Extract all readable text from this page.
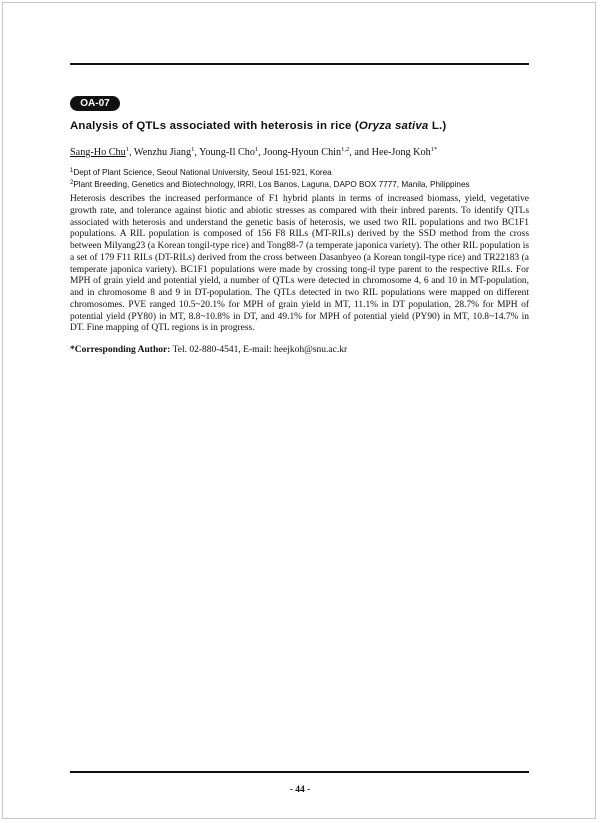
OA-07
Analysis of QTLs associated with heterosis in rice (Oryza sativa L.)
Sang-Ho Chu$^1$, Wenzhu Jiang$^1$, Young-Il Cho$^1$, Joong-Hyoun Chin$^{1,2}$, and Hee-Jong Koh$^{1*}$
$^1$Dept of Plant Science, Seoul National University, Seoul 151-921, Korea
$^2$Plant Breeding, Genetics and Biotechnology, IRRI, Los Banos, Laguna, DAPO BOX 7777, Manila, Philippines

Heterosis describes the increased performance of F1 hybrid plants in terms of increased biomass, yield, vegetative growth rate, and tolerance against biotic and abiotic stresses as compared with their inbred parents. To identify QTLs associated with heterosis and understand the genetic basis of heterosis, we used two RIL populations and two BC1F1 populations. A RIL population is composed of 156 F8 RILs (MT-RILs) derived by the SSD method from the cross between Milyang23 (a Korean tongil-type rice) and Tong88-7 (a temperate japonica variety). The other RIL population is a set of 179 F11 RILs (DT-RILs) derived from the cross between Dasanbyeo (a Korean tongil-type rice) and TR22183 (a temperate japonica variety). BC1F1 populations were made by crossing tong-il type parent to the respective RILs. For MPH of grain yield and potential yield, a number of QTLs were detected in chromosome 4, 6 and 10 in MT-population, and in chromosome 8 and 9 in DT-population. The QTLs detected in two RIL populations were mapped on different chromosomes. PVE ranged 10.5~20.1% for MPH of grain yield in MT, 11.1% in DT population, 28.7% for MPH of potential yield (PY80) in MT, 8.8~10.8% in DT, and 49.1% for MPH of potential yield (PY90) in MT, 10.8~14.7% in DT. Fine mapping of QTL regions is in progress.

*Corresponding Author: Tel. 02-880-4541, E-mail: heejkoh@snu.ac.kr
- 44 -
